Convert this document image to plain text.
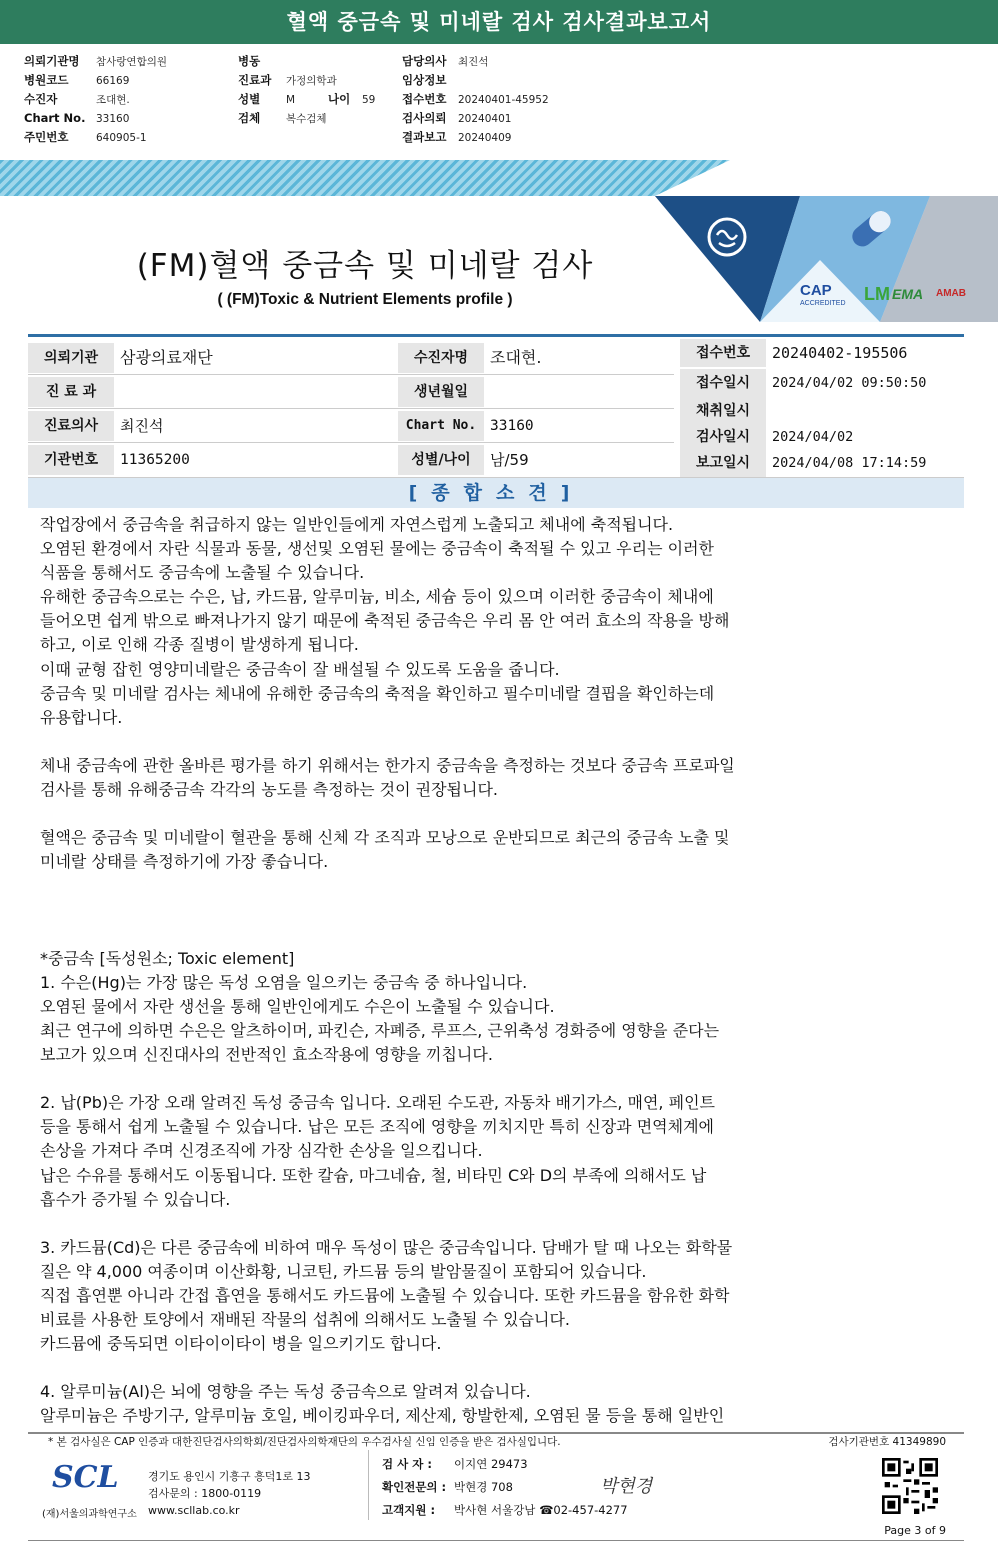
혈액 중금속 및 미네랄 검사 검사결과보고서
의뢰기관명 참사랑연합의원
병원코드	66169
수진자	조대현.
Chart No. 33160
주민번호	640905-1
병동
진료과 가정의학과
성별 M	나이 59
검체 복수검체
담당의사 최진석
임상정보
접수번호 20240401-45952
검사의뢰 20240401
결과보고 20240409
(FM)혈액 중금속 및 미네랄 검사
( (FM)Toxic & Nutrient Elements profile )
CAP
ACCREDITED LM EMA AMAB
의뢰기관	삼광의료재단	수진자명	조대현.
진 료 과	생년월일
진료의사	최진석	Chart No. 33160
기관번호	11365200	성별/나이	남/59
접수번호	20240402-195506
접수일시	2024/04/02 09:50:50
채취일시
검사일시	2024/04/02
보고일시	2024/04/08 17:14:59
[종합소견]

작업장에서 중금속을 취급하지 않는 일반인들에게 자연스럽게 노출되고 체내에 축적됩니다.

오염된 환경에서 자란 식물과 동물, 생선및 오염된 물에는 중금속이 축적될 수 있고 우리는 이러한

식품을 통해서도 중금속에 노출될 수 있습니다.

유해한 중금속으로는 수은, 납, 카드뮴, 알루미늄, 비소, 세슘 등이 있으며 이러한 중금속이 체내에

들어오면 쉽게 밖으로 빠져나가지 않기 때문에 축적된 중금속은 우리 몸 안 여러 효소의 작용을 방해

하고, 이로 인해 각종 질병이 발생하게 됩니다.

이때 균형 잡힌 영양미네랄은 중금속이 잘 배설될 수 있도록 도움을 줍니다.

중금속 및 미네랄 검사는 체내에 유해한 중금속의 축적을 확인하고 필수미네랄 결핍을 확인하는데

유용합니다.

체내 중금속에 관한 올바른 평가를 하기 위해서는 한가지 중금속을 측정하는 것보다 중금속 프로파일

검사를 통해 유해중금속 각각의 농도를 측정하는 것이 권장됩니다.

혈액은 중금속 및 미네랄이 혈관을 통해 신체 각 조직과 모낭으로 운반되므로 최근의 중금속 노출 및

미네랄 상태를 측정하기에 가장 좋습니다.

*중금속 [독성원소; Toxic element]

1. 수은(Hg)는 가장 많은 독성 오염을 일으키는 중금속 중 하나입니다.

오염된 물에서 자란 생선을 통해 일반인에게도 수은이 노출될 수 있습니다.

최근 연구에 의하면 수은은 알츠하이머, 파킨슨, 자폐증, 루프스, 근위축성 경화증에 영향을 준다는

보고가 있으며 신진대사의 전반적인 효소작용에 영향을 끼칩니다.

2. 납(Pb)은 가장 오래 알려진 독성 중금속 입니다. 오래된 수도관, 자동차 배기가스, 매연, 페인트

등을 통해서 쉽게 노출될 수 있습니다. 납은 모든 조직에 영향을 끼치지만 특히 신장과 면역체계에

손상을 가져다 주며 신경조직에 가장 심각한 손상을 일으킵니다.

납은 수유를 통해서도 이동됩니다. 또한 칼슘, 마그네슘, 철, 비타민 C와 D의 부족에 의해서도 납

흡수가 증가될 수 있습니다.

3. 카드뮴(Cd)은 다른 중금속에 비하여 매우 독성이 많은 중금속입니다. 담배가 탈 때 나오는 화학물

질은 약 4,000 여종이며 이산화황, 니코틴, 카드뮴 등의 발암물질이 포함되어 있습니다.

직접 흡연뿐 아니라 간접 흡연을 통해서도 카드뮴에 노출될 수 있습니다. 또한 카드뮴을 함유한 화학

비료를 사용한 토양에서 재배된 작물의 섭취에 의해서도 노출될 수 있습니다.

카드뮴에 중독되면 이타이이타이 병을 일으키기도 합니다.

4. 알루미늄(Al)은 뇌에 영향을 주는 독성 중금속으로 알려져 있습니다.

알루미늄은 주방기구, 알루미늄 호일, 베이킹파우더, 제산제, 항발한제, 오염된 물 등을 통해 일반인

* 본 검사실은 CAP 인증과 대한진단검사의학회/진단검사의학재단의 우수검사실 신임 인증을 받은 검사실입니다.	검사기관번호 41349890
SCL
(재)서울의과학연구소
경기도 용인시 기흥구 흥덕1로 13
검사문의 : 1800-0119
www.scllab.co.kr
검 사 자 : 이지연 29473
확인전문의 : 박현경 708
고객지원 : 박사현 서울강남 ☎02-457-4277
박현경
Page 3 of 9
